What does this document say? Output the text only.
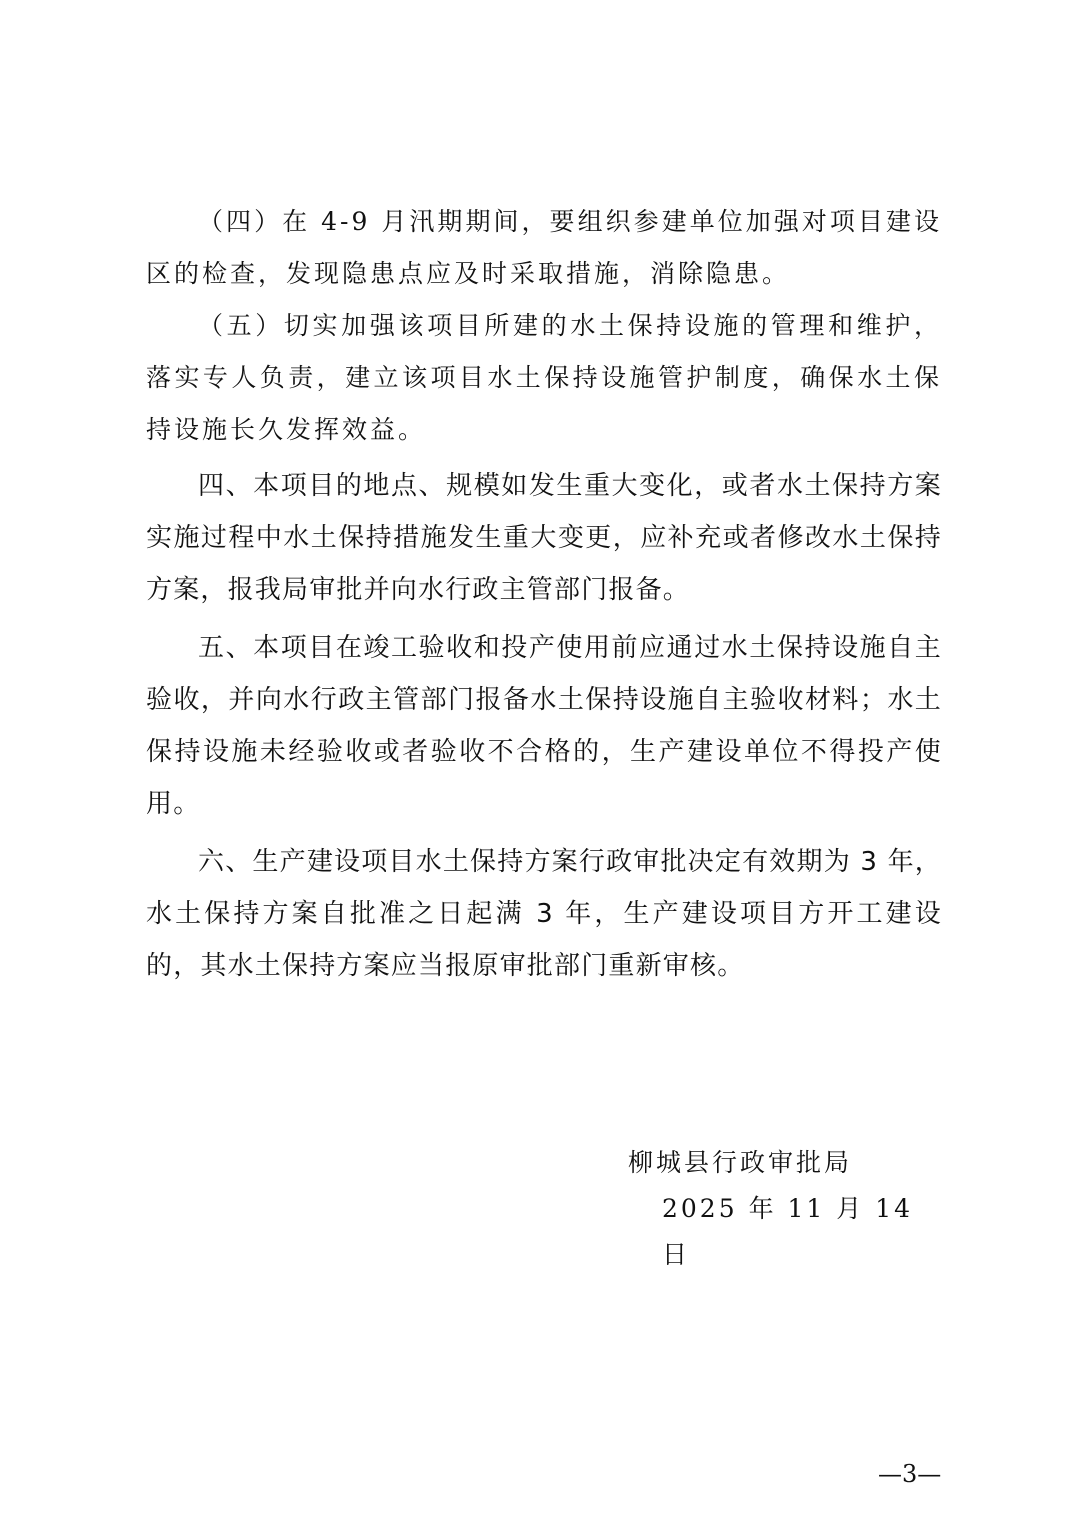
（四）在 4-9 月汛期期间，要组织参建单位加强对项目建设区的检查，发现隐患点应及时采取措施，消除隐患。

（五）切实加强该项目所建的水土保持设施的管理和维护，落实专人负责，建立该项目水土保持设施管护制度，确保水土保持设施长久发挥效益。

四、本项目的地点、规模如发生重大变化，或者水土保持方案实施过程中水土保持措施发生重大变更，应补充或者修改水土保持方案，报我局审批并向水行政主管部门报备。

五、本项目在竣工验收和投产使用前应通过水土保持设施自主验收，并向水行政主管部门报备水土保持设施自主验收材料；水土保持设施未经验收或者验收不合格的，生产建设单位不得投产使用。

六、生产建设项目水土保持方案行政审批决定有效期为 3 年，水土保持方案自批准之日起满 3 年，生产建设项目方开工建设的，其水土保持方案应当报原审批部门重新审核。

柳城县行政审批局
2025 年 11 月 14 日
—3—
